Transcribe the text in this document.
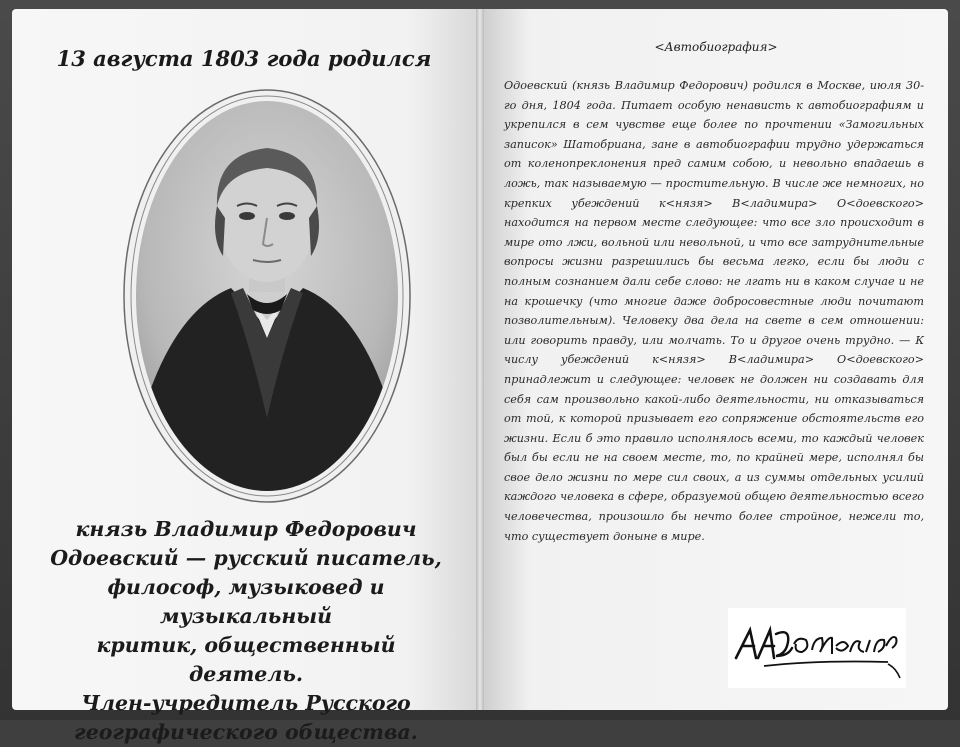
13 августа 1803 года родился
князь Владимир Федорович
Одоевский — русский писатель,
философ, музыковед и музыкальный
критик, общественный деятель.
Член-учредитель Русского
географического общества.
<Автобиография>
Одоевский (князь Владимир Федорович) родился в Москве, июля 30-го дня, 1804 года. Питает особую ненависть к автобиографиям и укрепился в сем чувстве еще более по прочтении «Замогильных записок» Шатобриана, зане в автобиографии трудно удержаться от коленопреклонения пред самим собою, и невольно впадаешь в ложь, так называемую — простительную. В числе же немногих, но крепких убеждений к<нязя> В<ладимира> О<доевского> находится на первом месте следующее: что все зло происходит в мире ото лжи, вольной или невольной, и что все затруднительные вопросы жизни разрешились бы весьма легко, если бы люди с полным сознанием дали себе слово: не лгать ни в каком случае и не на крошечку (что многие даже добросовестные люди почитают позволительным). Человеку два дела на свете в сем отношении: или говорить правду, или молчать. То и другое очень трудно. — К числу убеждений к<нязя> В<ладимира> О<доевского> принадлежит и следующее: человек не должен ни создавать для себя сам произвольно какой-либо деятельности, ни отказываться от той, к которой призывает его сопряжение обстоятельств его жизни. Если б это правило исполнялось всеми, то каждый человек был бы если не на своем месте, то, по крайней мере, исполнял бы свое дело жизни по мере сил своих, а из суммы отдельных усилий каждого человека в сфере, образуемой общею деятельностью всего человечества, произошло бы нечто более стройное, нежели то, что существует доныне в мире.
